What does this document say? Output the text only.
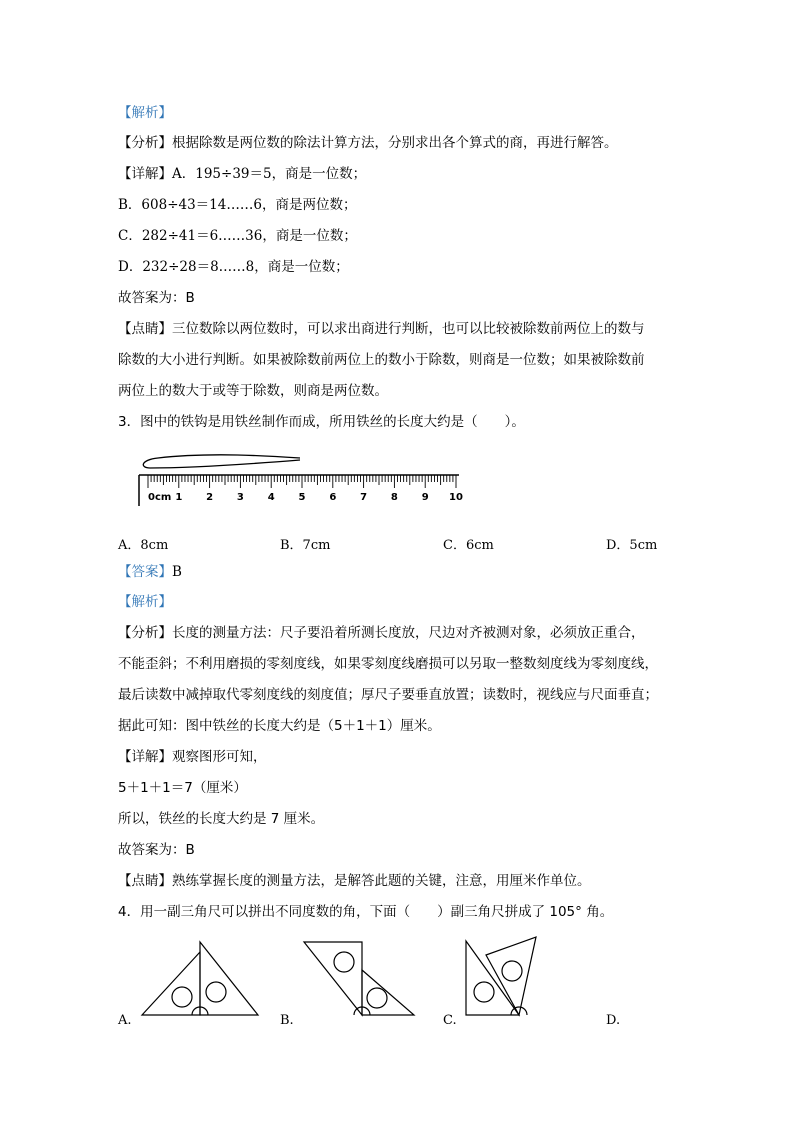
【解析】
【分析】根据除数是两位数的除法计算方法，分别求出各个算式的商，再进行解答。
【详解】A．195÷39＝5，商是一位数；
B．608÷43＝14……6，商是两位数；
C．282÷41＝6……36，商是一位数；
D．232÷28＝8……8，商是一位数；
故答案为：B
【点睛】三位数除以两位数时，可以求出商进行判断，也可以比较被除数前两位上的数与
除数的大小进行判断。如果被除数前两位上的数小于除数，则商是一位数；如果被除数前
两位上的数大于或等于除数，则商是两位数。
3．图中的铁钩是用铁丝制作而成，所用铁丝的长度大约是（　　）。
0cm 1 2 3 4 5 6 7 8 9 10
A．8cm	B．7cm	C．6cm	D．5cm
【答案】B
【解析】
【分析】长度的测量方法：尺子要沿着所测长度放，尺边对齐被测对象，必须放正重合，
不能歪斜；不利用磨损的零刻度线，如果零刻度线磨损可以另取一整数刻度线为零刻度线，
最后读数中减掉取代零刻度线的刻度值；厚尺子要垂直放置；读数时，视线应与尺面垂直；
据此可知：图中铁丝的长度大约是（5＋1＋1）厘米。
【详解】观察图形可知，
5＋1＋1＝7（厘米）
所以，铁丝的长度大约是 7 厘米。
故答案为：B
【点睛】熟练掌握长度的测量方法，是解答此题的关键，注意，用厘米作单位。
4．用一副三角尺可以拼出不同度数的角，下面（　　）副三角尺拼成了 105° 角。
A.	B.	C.	D.
